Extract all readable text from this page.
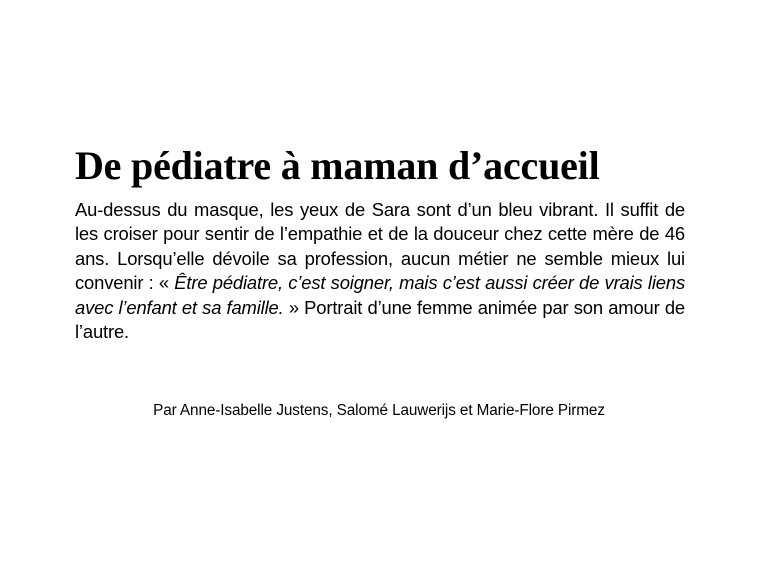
De pédiatre à maman d’accueil

Au-dessus du masque, les yeux de Sara sont d’un bleu vibrant. Il suffit de les croiser pour sentir de l’empathie et de la douceur chez cette mère de 46 ans. Lorsqu’elle dévoile sa profession, aucun métier ne semble mieux lui convenir : « Être pédiatre, c’est soigner, mais c’est aussi créer de vrais liens avec l’enfant et sa famille. » Portrait d’une femme animée par son amour de l’autre.

Par Anne-Isabelle Justens, Salomé Lauwerijs et Marie-Flore Pirmez
